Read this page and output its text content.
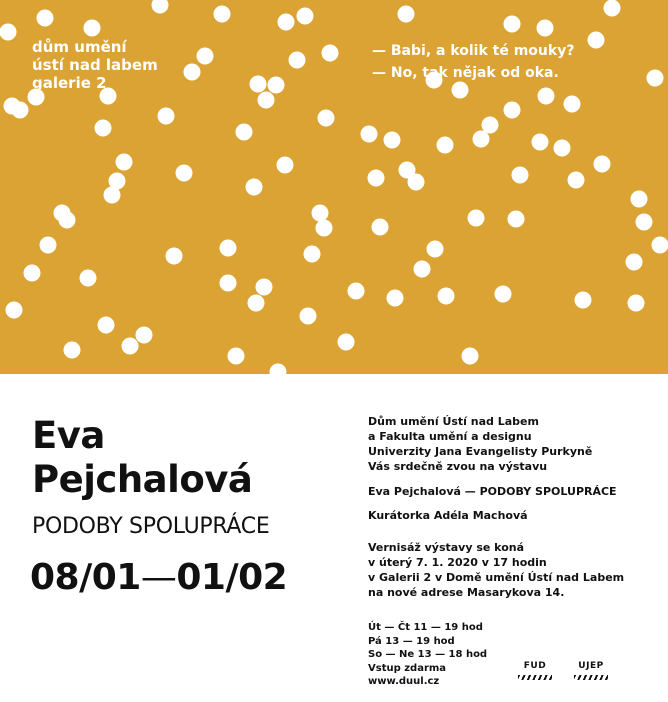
dům umění
ústí nad labem
galerie 2
— Babi, a kolik té mouky?
— No, tak nějak od oka.
Eva
Pejchalová
PODOBY SPOLUPRÁCE
08/01—01/02
Dům umění Ústí nad Labem
a Fakulta umění a designu
Univerzity Jana Evangelisty Purkyně
Vás srdečně zvou na výstavu
Eva Pejchalová — PODOBY SPOLUPRÁCE
Kurátorka Adéla Machová
Vernisáž výstavy se koná
v úterý 7. 1. 2020 v 17 hodin
v Galerii 2 v Domě umění Ústí nad Labem
na nové adrese Masarykova 14.
Út — Čt 11 — 19 hod
Pá 13 — 19 hod
So — Ne 13 — 18 hod
Vstup zdarma
www.duul.cz
FUD	UJEP
